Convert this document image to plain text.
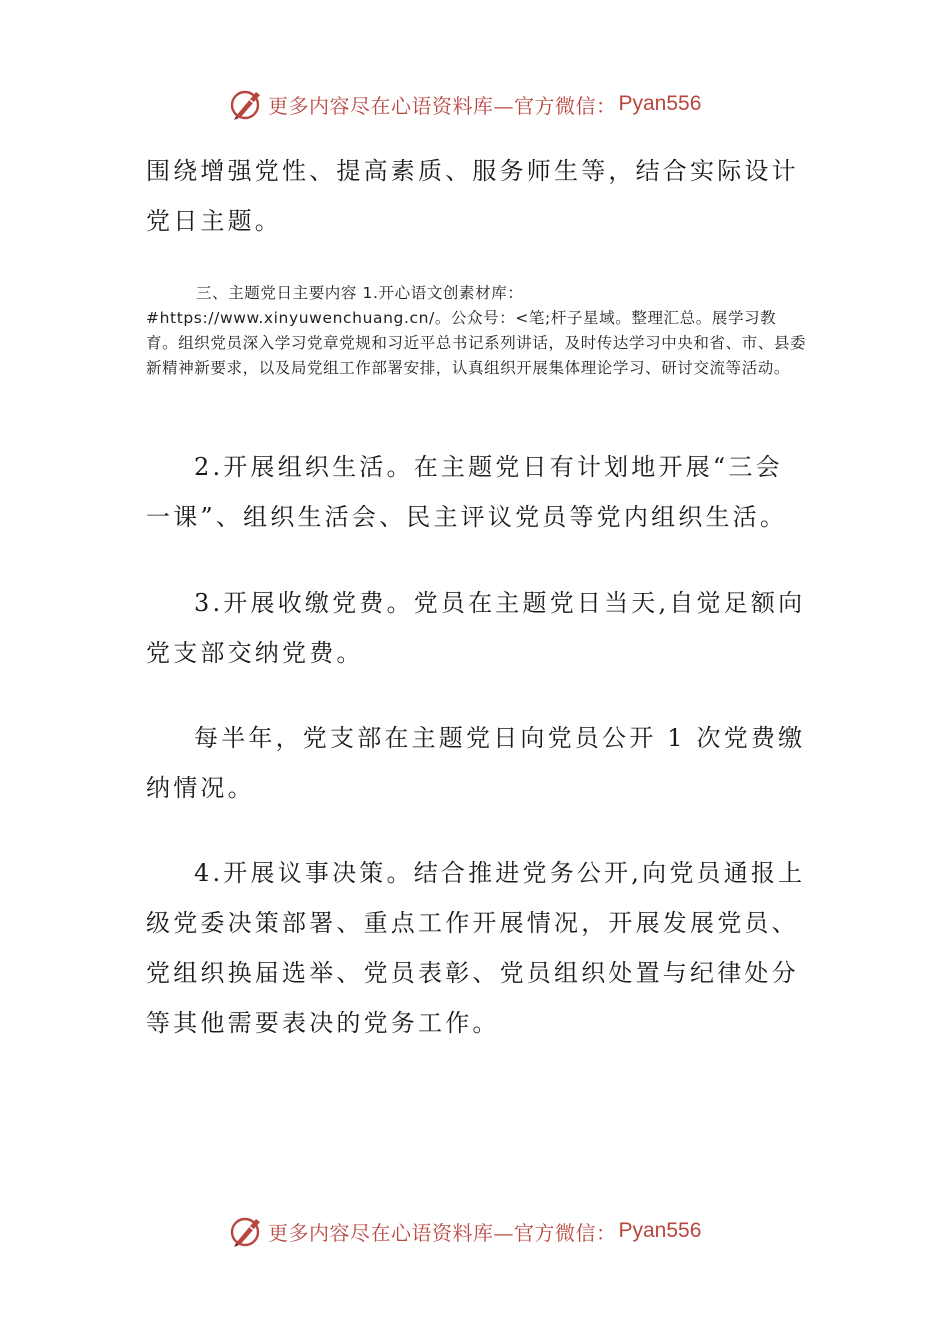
更多内容尽在心语资料库—官方微信： Pyan556

围绕增强党性、提高素质、服务师生等，结合实际设计党日主题。

三、主题党日主要内容 1.开心语文创素材库：#https://www.xinyuwenchuang.cn/。公众号：<笔;杆子星域。整理汇总。展学习教育。组织党员深入学习党章党规和习近平总书记系列讲话，及时传达学习中央和省、市、县委新精神新要求，以及局党组工作部署安排，认真组织开展集体理论学习、研讨交流等活动。

2.开展组织生活。在主题党日有计划地开展“三会一课”、组织生活会、民主评议党员等党内组织生活。

3.开展收缴党费。党员在主题党日当天,自觉足额向党支部交纳党费。

每半年，党支部在主题党日向党员公开 1 次党费缴纳情况。

4.开展议事决策。结合推进党务公开,向党员通报上级党委决策部署、重点工作开展情况，开展发展党员、党组织换届选举、党员表彰、党员组织处置与纪律处分等其他需要表决的党务工作。

更多内容尽在心语资料库—官方微信： Pyan556
